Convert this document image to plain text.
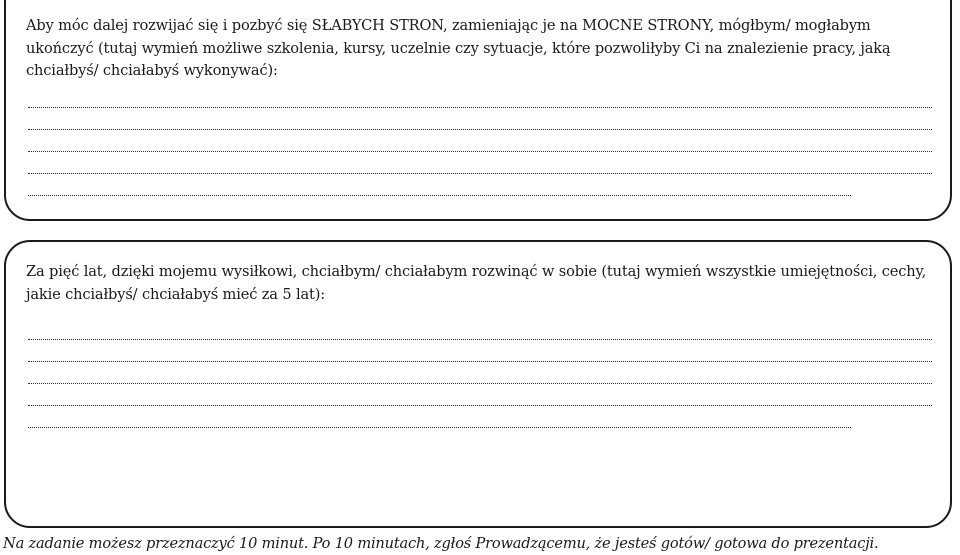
Aby móc dalej rozwijać się i pozbyć się SŁABYCH STRON, zamieniając je na MOCNE STRONY, mógłbym/ mogłabym ukończyć (tutaj wymień możliwe szkolenia, kursy, uczelnie czy sytuacje, które pozwoliłyby Ci na znalezienie pracy, jaką chciałbyś/ chciałabyś wykonywać):

Za pięć lat, dzięki mojemu wysiłkowi, chciałbym/ chciałabym rozwinąć w sobie (tutaj wymień wszystkie umiejętności, cechy, jakie chciałbyś/ chciałabyś mieć za 5 lat):

Na zadanie możesz przeznaczyć 10 minut. Po 10 minutach, zgłoś Prowadzącemu, że jesteś gotów/ gotowa do prezentacji.
